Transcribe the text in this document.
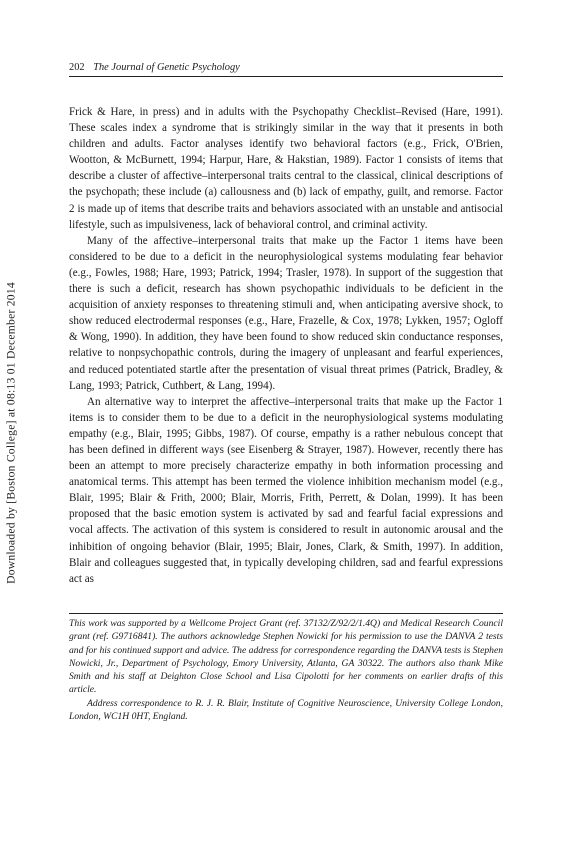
202 The Journal of Genetic Psychology
Downloaded by [Boston College] at 08:13 01 December 2014

Frick & Hare, in press) and in adults with the Psychopathy Checklist–Revised (Hare, 1991). These scales index a syndrome that is strikingly similar in the way that it presents in both children and adults. Factor analyses identify two behavioral factors (e.g., Frick, O'Brien, Wootton, & McBurnett, 1994; Harpur, Hare, & Hakstian, 1989). Factor 1 consists of items that describe a cluster of affective–interpersonal traits central to the classical, clinical descriptions of the psychopath; these include (a) callousness and (b) lack of empathy, guilt, and remorse. Factor 2 is made up of items that describe traits and behaviors associated with an unstable and antisocial lifestyle, such as impulsiveness, lack of behavioral control, and criminal activity.

Many of the affective–interpersonal traits that make up the Factor 1 items have been considered to be due to a deficit in the neurophysiological systems modulating fear behavior (e.g., Fowles, 1988; Hare, 1993; Patrick, 1994; Trasler, 1978). In support of the suggestion that there is such a deficit, research has shown psychopathic individuals to be deficient in the acquisition of anxiety responses to threatening stimuli and, when anticipating aversive shock, to show reduced electrodermal responses (e.g., Hare, Frazelle, & Cox, 1978; Lykken, 1957; Ogloff & Wong, 1990). In addition, they have been found to show reduced skin conductance responses, relative to nonpsychopathic controls, during the imagery of unpleasant and fearful experiences, and reduced potentiated startle after the presentation of visual threat primes (Patrick, Bradley, & Lang, 1993; Patrick, Cuthbert, & Lang, 1994).

An alternative way to interpret the affective–interpersonal traits that make up the Factor 1 items is to consider them to be due to a deficit in the neurophysiological systems modulating empathy (e.g., Blair, 1995; Gibbs, 1987). Of course, empathy is a rather nebulous concept that has been defined in different ways (see Eisenberg & Strayer, 1987). However, recently there has been an attempt to more precisely characterize empathy in both information processing and anatomical terms. This attempt has been termed the violence inhibition mechanism model (e.g., Blair, 1995; Blair & Frith, 2000; Blair, Morris, Frith, Perrett, & Dolan, 1999). It has been proposed that the basic emotion system is activated by sad and fearful facial expressions and vocal affects. The activation of this system is considered to result in autonomic arousal and the inhibition of ongoing behavior (Blair, 1995; Blair, Jones, Clark, & Smith, 1997). In addition, Blair and colleagues suggested that, in typically developing children, sad and fearful expressions act as

This work was supported by a Wellcome Project Grant (ref. 37132/Z/92/2/1.4Q) and Medical Research Council grant (ref. G9716841). The authors acknowledge Stephen Nowicki for his permission to use the DANVA 2 tests and for his continued support and advice. The address for correspondence regarding the DANVA tests is Stephen Nowicki, Jr., Department of Psychology, Emory University, Atlanta, GA 30322. The authors also thank Mike Smith and his staff at Deighton Close School and Lisa Cipolotti for her comments on earlier drafts of this article.

Address correspondence to R. J. R. Blair, Institute of Cognitive Neuroscience, University College London, London, WC1H 0HT, England.
